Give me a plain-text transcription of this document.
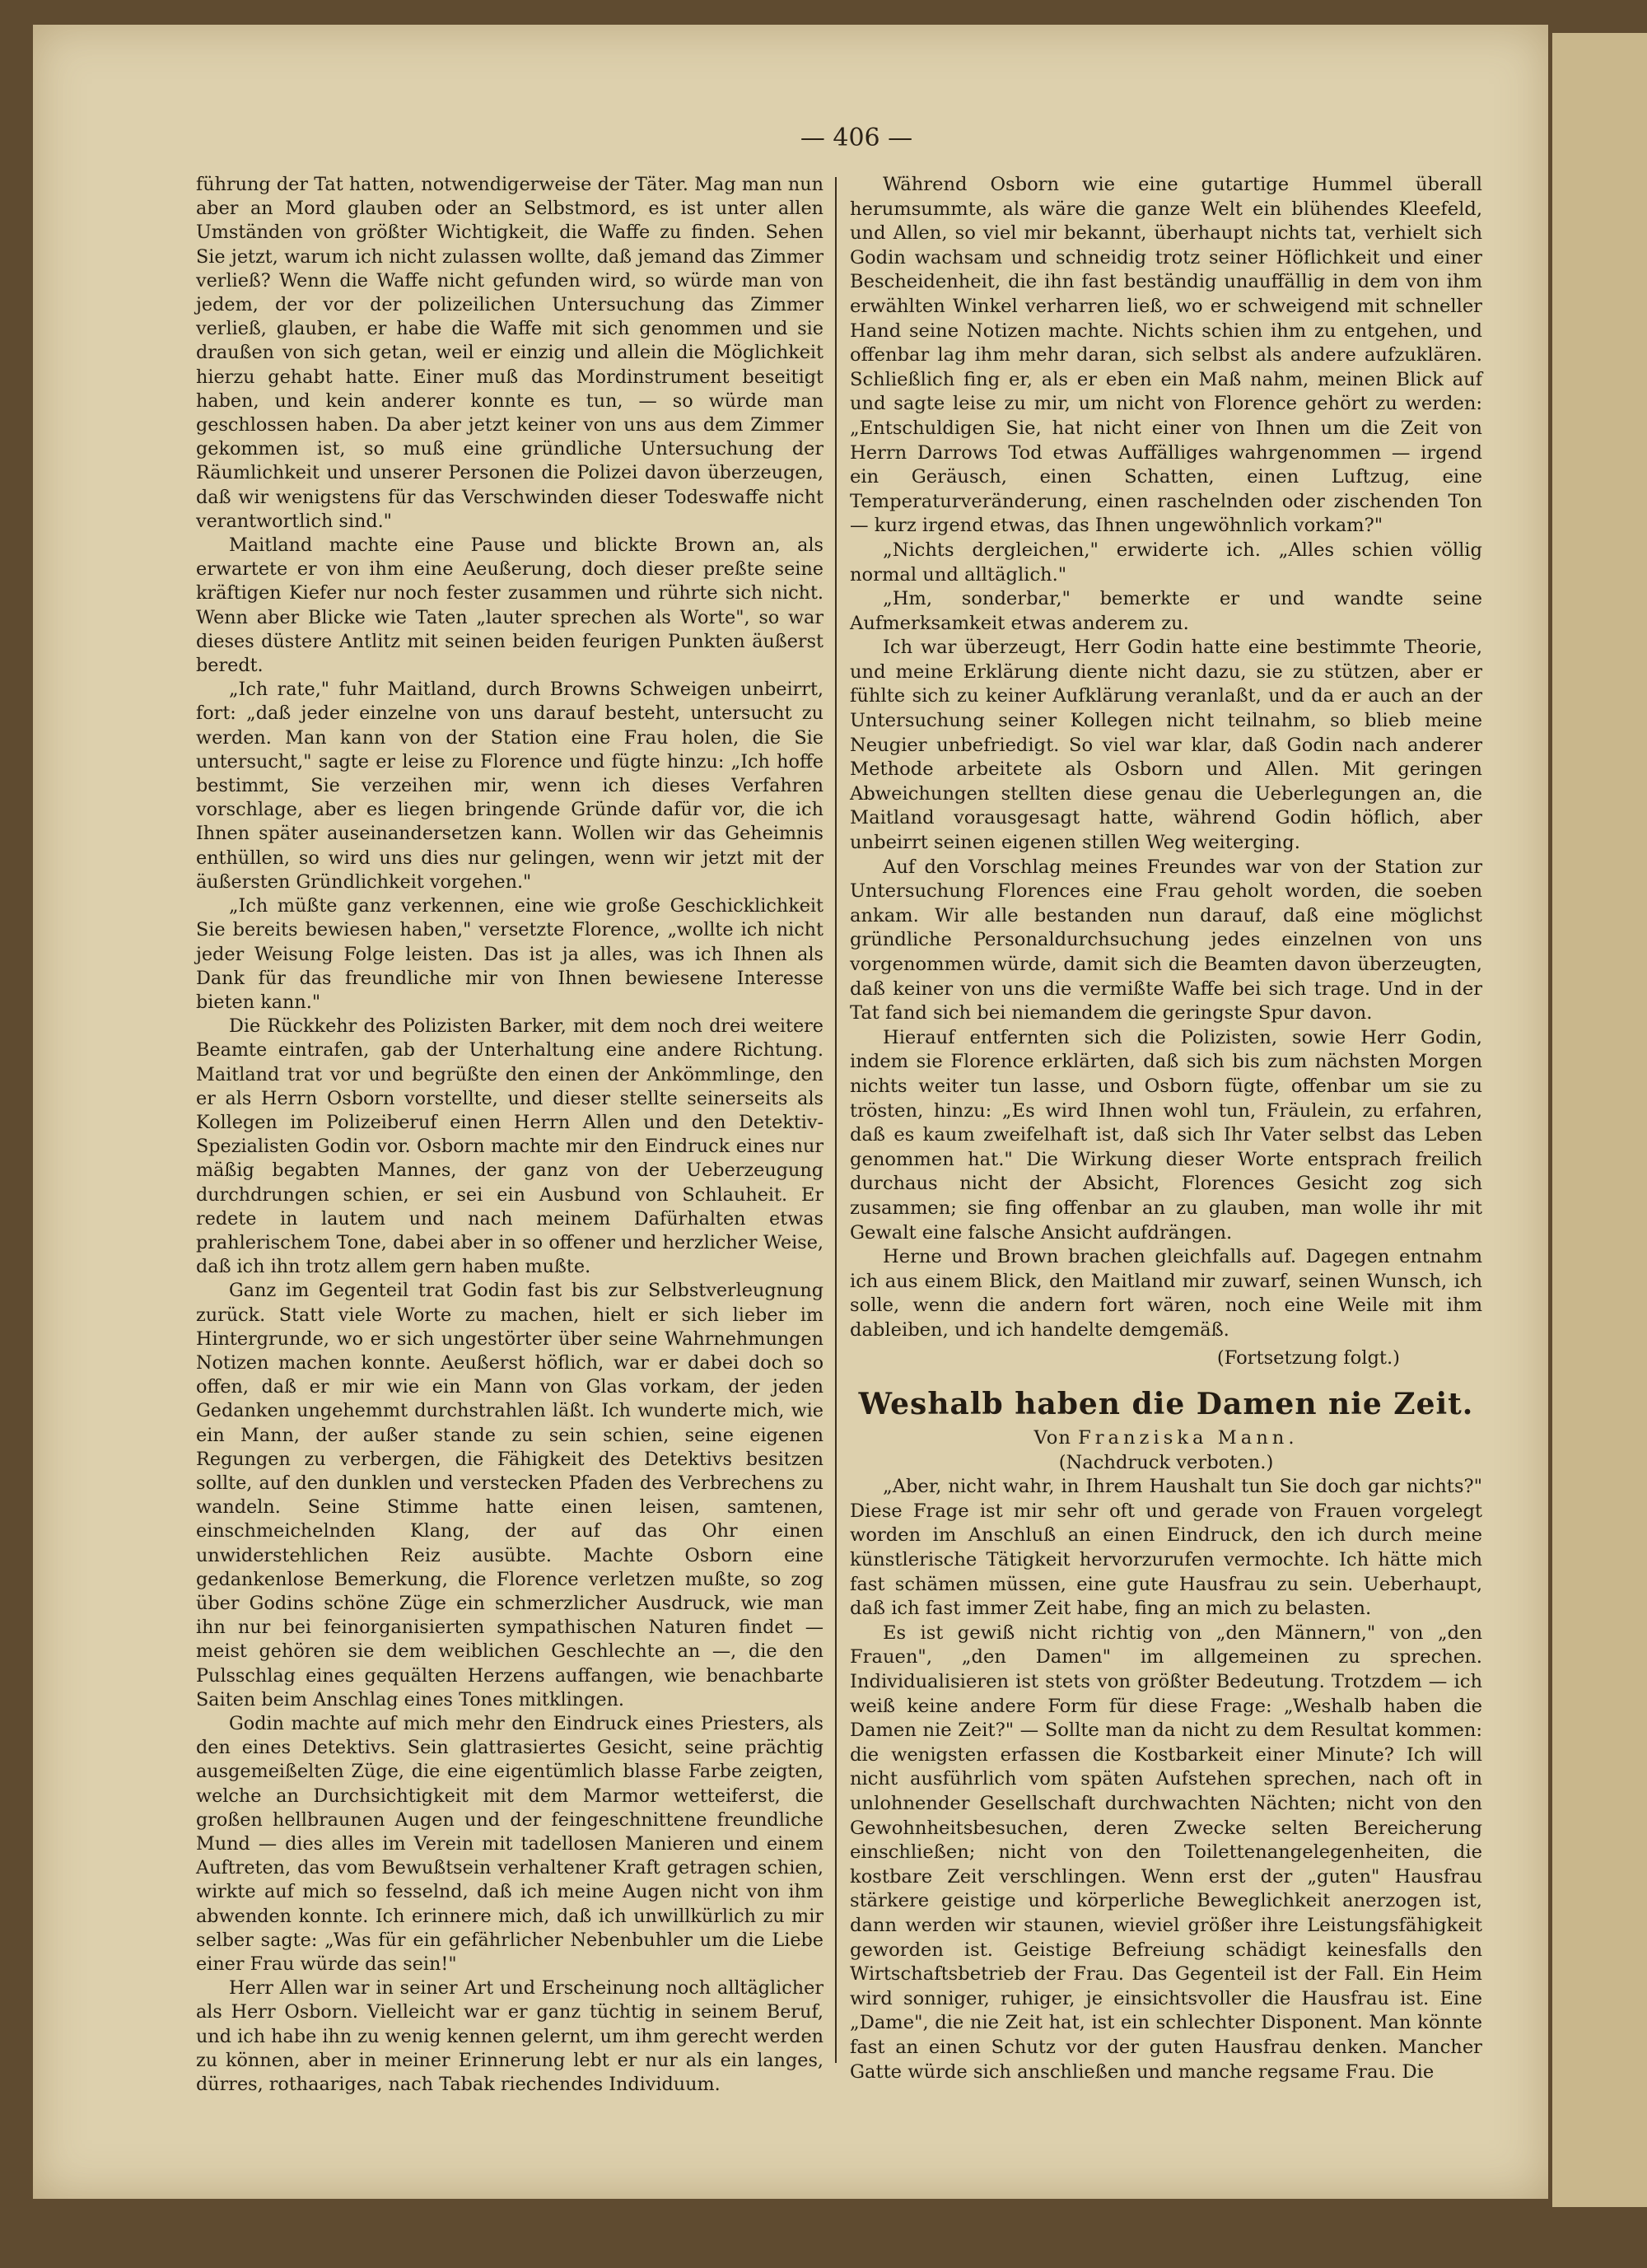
— 406 —

führung der Tat hatten, notwendigerweise der Täter. Mag man nun aber an Mord glauben oder an Selbstmord, es ist unter allen Umständen von größter Wichtigkeit, die Waffe zu finden. Sehen Sie jetzt, warum ich nicht zulassen wollte, daß jemand das Zimmer verließ? Wenn die Waffe nicht gefunden wird, so würde man von jedem, der vor der polizeilichen Untersuchung das Zimmer verließ, glauben, er habe die Waffe mit sich genommen und sie draußen von sich getan, weil er einzig und allein die Möglichkeit hierzu gehabt hatte. Einer muß das Mordinstrument beseitigt haben, und kein anderer konnte es tun, — so würde man geschlossen haben. Da aber jetzt keiner von uns aus dem Zimmer gekommen ist, so muß eine gründliche Untersuchung der Räumlichkeit und unserer Personen die Polizei davon überzeugen, daß wir wenigstens für das Verschwinden dieser Todeswaffe nicht verantwortlich sind."

Maitland machte eine Pause und blickte Brown an, als erwartete er von ihm eine Aeußerung, doch dieser preßte seine kräftigen Kiefer nur noch fester zusammen und rührte sich nicht. Wenn aber Blicke wie Taten „lauter sprechen als Worte", so war dieses düstere Antlitz mit seinen beiden feurigen Punkten äußerst beredt.

„Ich rate," fuhr Maitland, durch Browns Schweigen unbeirrt, fort: „daß jeder einzelne von uns darauf besteht, untersucht zu werden. Man kann von der Station eine Frau holen, die Sie untersucht," sagte er leise zu Florence und fügte hinzu: „Ich hoffe bestimmt, Sie verzeihen mir, wenn ich dieses Verfahren vorschlage, aber es liegen bringende Gründe dafür vor, die ich Ihnen später auseinandersetzen kann. Wollen wir das Geheimnis enthüllen, so wird uns dies nur gelingen, wenn wir jetzt mit der äußersten Gründlichkeit vorgehen."

„Ich müßte ganz verkennen, eine wie große Geschicklichkeit Sie bereits bewiesen haben," versetzte Florence, „wollte ich nicht jeder Weisung Folge leisten. Das ist ja alles, was ich Ihnen als Dank für das freundliche mir von Ihnen bewiesene Interesse bieten kann."

Die Rückkehr des Polizisten Barker, mit dem noch drei weitere Beamte eintrafen, gab der Unterhaltung eine andere Richtung. Maitland trat vor und begrüßte den einen der Ankömmlinge, den er als Herrn Osborn vorstellte, und dieser stellte seinerseits als Kollegen im Polizeiberuf einen Herrn Allen und den Detektiv-Spezialisten Godin vor. Osborn machte mir den Eindruck eines nur mäßig begabten Mannes, der ganz von der Ueberzeugung durchdrungen schien, er sei ein Ausbund von Schlauheit. Er redete in lautem und nach meinem Dafürhalten etwas prahlerischem Tone, dabei aber in so offener und herzlicher Weise, daß ich ihn trotz allem gern haben mußte.

Ganz im Gegenteil trat Godin fast bis zur Selbstverleugnung zurück. Statt viele Worte zu machen, hielt er sich lieber im Hintergrunde, wo er sich ungestörter über seine Wahrnehmungen Notizen machen konnte. Aeußerst höflich, war er dabei doch so offen, daß er mir wie ein Mann von Glas vorkam, der jeden Gedanken ungehemmt durchstrahlen läßt. Ich wunderte mich, wie ein Mann, der außer stande zu sein schien, seine eigenen Regungen zu verbergen, die Fähigkeit des Detektivs besitzen sollte, auf den dunklen und verstecken Pfaden des Verbrechens zu wandeln. Seine Stimme hatte einen leisen, samtenen, einschmeichelnden Klang, der auf das Ohr einen unwiderstehlichen Reiz ausübte. Machte Osborn eine gedankenlose Bemerkung, die Florence verletzen mußte, so zog über Godins schöne Züge ein schmerzlicher Ausdruck, wie man ihn nur bei feinorganisierten sympathischen Naturen findet — meist gehören sie dem weiblichen Geschlechte an —, die den Pulsschlag eines gequälten Herzens auffangen, wie benachbarte Saiten beim Anschlag eines Tones mitklingen.

Godin machte auf mich mehr den Eindruck eines Priesters, als den eines Detektivs. Sein glattrasiertes Gesicht, seine prächtig ausgemeißelten Züge, die eine eigentümlich blasse Farbe zeigten, welche an Durchsichtigkeit mit dem Marmor wetteiferst, die großen hellbraunen Augen und der feingeschnittene freundliche Mund — dies alles im Verein mit tadellosen Manieren und einem Auftreten, das vom Bewußtsein verhaltener Kraft getragen schien, wirkte auf mich so fesselnd, daß ich meine Augen nicht von ihm abwenden konnte. Ich erinnere mich, daß ich unwillkürlich zu mir selber sagte: „Was für ein gefährlicher Nebenbuhler um die Liebe einer Frau würde das sein!"

Herr Allen war in seiner Art und Erscheinung noch alltäglicher als Herr Osborn. Vielleicht war er ganz tüchtig in seinem Beruf, und ich habe ihn zu wenig kennen gelernt, um ihm gerecht werden zu können, aber in meiner Erinnerung lebt er nur als ein langes, dürres, rothaariges, nach Tabak riechendes Individuum.

Während Osborn wie eine gutartige Hummel überall herumsummte, als wäre die ganze Welt ein blühendes Kleefeld, und Allen, so viel mir bekannt, überhaupt nichts tat, verhielt sich Godin wachsam und schneidig trotz seiner Höflichkeit und einer Bescheidenheit, die ihn fast beständig unauffällig in dem von ihm erwählten Winkel verharren ließ, wo er schweigend mit schneller Hand seine Notizen machte. Nichts schien ihm zu entgehen, und offenbar lag ihm mehr daran, sich selbst als andere aufzuklären. Schließlich fing er, als er eben ein Maß nahm, meinen Blick auf und sagte leise zu mir, um nicht von Florence gehört zu werden: „Entschuldigen Sie, hat nicht einer von Ihnen um die Zeit von Herrn Darrows Tod etwas Auffälliges wahrgenommen — irgend ein Geräusch, einen Schatten, einen Luftzug, eine Temperaturveränderung, einen raschelnden oder zischenden Ton — kurz irgend etwas, das Ihnen ungewöhnlich vorkam?"

„Nichts dergleichen," erwiderte ich. „Alles schien völlig normal und alltäglich."

„Hm, sonderbar," bemerkte er und wandte seine Aufmerksamkeit etwas anderem zu.

Ich war überzeugt, Herr Godin hatte eine bestimmte Theorie, und meine Erklärung diente nicht dazu, sie zu stützen, aber er fühlte sich zu keiner Aufklärung veranlaßt, und da er auch an der Untersuchung seiner Kollegen nicht teilnahm, so blieb meine Neugier unbefriedigt. So viel war klar, daß Godin nach anderer Methode arbeitete als Osborn und Allen. Mit geringen Abweichungen stellten diese genau die Ueberlegungen an, die Maitland vorausgesagt hatte, während Godin höflich, aber unbeirrt seinen eigenen stillen Weg weiterging.

Auf den Vorschlag meines Freundes war von der Station zur Untersuchung Florences eine Frau geholt worden, die soeben ankam. Wir alle bestanden nun darauf, daß eine möglichst gründliche Personaldurchsuchung jedes einzelnen von uns vorgenommen würde, damit sich die Beamten davon überzeugten, daß keiner von uns die vermißte Waffe bei sich trage. Und in der Tat fand sich bei niemandem die geringste Spur davon.

Hierauf entfernten sich die Polizisten, sowie Herr Godin, indem sie Florence erklärten, daß sich bis zum nächsten Morgen nichts weiter tun lasse, und Osborn fügte, offenbar um sie zu trösten, hinzu: „Es wird Ihnen wohl tun, Fräulein, zu erfahren, daß es kaum zweifelhaft ist, daß sich Ihr Vater selbst das Leben genommen hat." Die Wirkung dieser Worte entsprach freilich durchaus nicht der Absicht, Florences Gesicht zog sich zusammen; sie fing offenbar an zu glauben, man wolle ihr mit Gewalt eine falsche Ansicht aufdrängen.

Herne und Brown brachen gleichfalls auf. Dagegen entnahm ich aus einem Blick, den Maitland mir zuwarf, seinen Wunsch, ich solle, wenn die andern fort wären, noch eine Weile mit ihm dableiben, und ich handelte demgemäß.

(Fortsetzung folgt.)

Weshalb haben die Damen nie Zeit.

Von Franziska Mann.

(Nachdruck verboten.)

„Aber, nicht wahr, in Ihrem Haushalt tun Sie doch gar nichts?" Diese Frage ist mir sehr oft und gerade von Frauen vorgelegt worden im Anschluß an einen Eindruck, den ich durch meine künstlerische Tätigkeit hervorzurufen vermochte. Ich hätte mich fast schämen müssen, eine gute Hausfrau zu sein. Ueberhaupt, daß ich fast immer Zeit habe, fing an mich zu belasten.

Es ist gewiß nicht richtig von „den Männern," von „den Frauen", „den Damen" im allgemeinen zu sprechen. Individualisieren ist stets von größter Bedeutung. Trotzdem — ich weiß keine andere Form für diese Frage: „Weshalb haben die Damen nie Zeit?" — Sollte man da nicht zu dem Resultat kommen: die wenigsten erfassen die Kostbarkeit einer Minute? Ich will nicht ausführlich vom späten Aufstehen sprechen, nach oft in unlohnender Gesellschaft durchwachten Nächten; nicht von den Gewohnheitsbesuchen, deren Zwecke selten Bereicherung einschließen; nicht von den Toilettenangelegenheiten, die kostbare Zeit verschlingen. Wenn erst der „guten" Hausfrau stärkere geistige und körperliche Beweglichkeit anerzogen ist, dann werden wir staunen, wieviel größer ihre Leistungsfähigkeit geworden ist. Geistige Befreiung schädigt keinesfalls den Wirtschaftsbetrieb der Frau. Das Gegenteil ist der Fall. Ein Heim wird sonniger, ruhiger, je einsichtsvoller die Hausfrau ist. Eine „Dame", die nie Zeit hat, ist ein schlechter Disponent. Man könnte fast an einen Schutz vor der guten Hausfrau denken. Mancher Gatte würde sich anschließen und manche regsame Frau. Die
